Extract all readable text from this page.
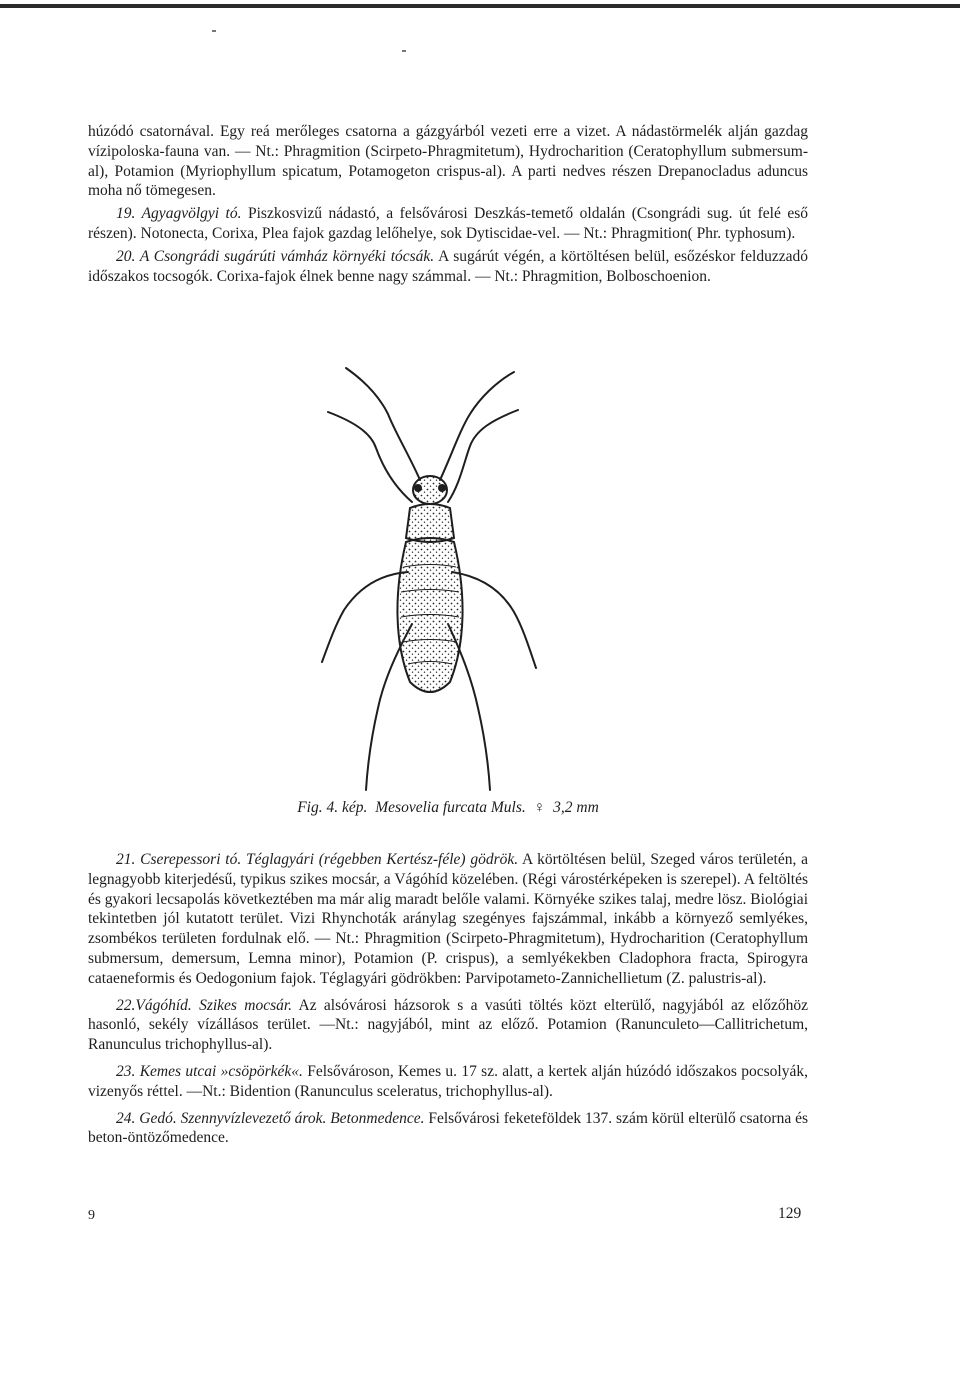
húzódó csatornával. Egy reá merőleges csatorna a gázgyárból vezeti erre a vizet. A nádastörmelék alján gazdag vízipoloska-fauna van. — Nt.: Phragmition (Scirpeto-Phragmitetum), Hydrocharition (Ceratophyllum submersum-al), Potamion (Myriophyllum spicatum, Potamogeton crispus-al). A parti nedves részen Drepanocladus aduncus moha nő tömegesen.

19. Agyagvölgyi tó. Piszkosvizű nádastó, a felsővárosi Deszkás-temető oldalán (Csongrádi sug. út felé eső részen). Notonecta, Corixa, Plea fajok gazdag lelőhelye, sok Dytiscidae-vel. — Nt.: Phragmition( Phr. typhosum).

20. A Csongrádi sugárúti vámház környéki tócsák. A sugárút végén, a körtöltésen belül, esőzéskor felduzzadó időszakos tocsogók. Corixa-fajok élnek benne nagy számmal. — Nt.: Phragmition, Bolboschoenion.

Fig. 4. kép. Mesovelia furcata Muls. ♀ 3,2 mm

21. Cserepessori tó. Téglagyári (régebben Kertész-féle) gödrök. A körtöltésen belül, Szeged város területén, a legnagyobb kiterjedésű, typikus szikes mocsár, a Vágóhíd közelében. (Régi várostérképeken is szerepel). A feltöltés és gyakori lecsapolás következtében ma már alig maradt belőle valami. Környéke szikes talaj, medre lösz. Biológiai tekintetben jól kutatott terület. Vizi Rhynchoták aránylag szegényes fajszámmal, inkább a környező semlyékes, zsombékos területen fordulnak elő. — Nt.: Phragmition (Scirpeto-Phragmitetum), Hydrocharition (Ceratophyllum submersum, demersum, Lemna minor), Potamion (P. crispus), a semlyékekben Cladophora fracta, Spirogyra cataeneformis és Oedogonium fajok. Téglagyári gödrökben: Parvipotameto-Zannichellietum (Z. palustris-al).

22.Vágóhíd. Szikes mocsár. Az alsóvárosi házsorok s a vasúti töltés közt elterülő, nagyjából az előzőhöz hasonló, sekély vízállásos terület. —Nt.: nagyjából, mint az előző. Potamion (Ranunculeto—Callitrichetum, Ranunculus trichophyllus-al).

23. Kemes utcai »csöpörkék«. Felsővároson, Kemes u. 17 sz. alatt, a kertek alján húzódó időszakos pocsolyák, vizenyős réttel. —Nt.: Bidention (Ranunculus sceleratus, trichophyllus-al).

24. Gedó. Szennyvízlevezető árok. Betonmedence. Felsővárosi feketeföldek 137. szám körül elterülő csatorna és beton-öntözőmedence.

9	129
